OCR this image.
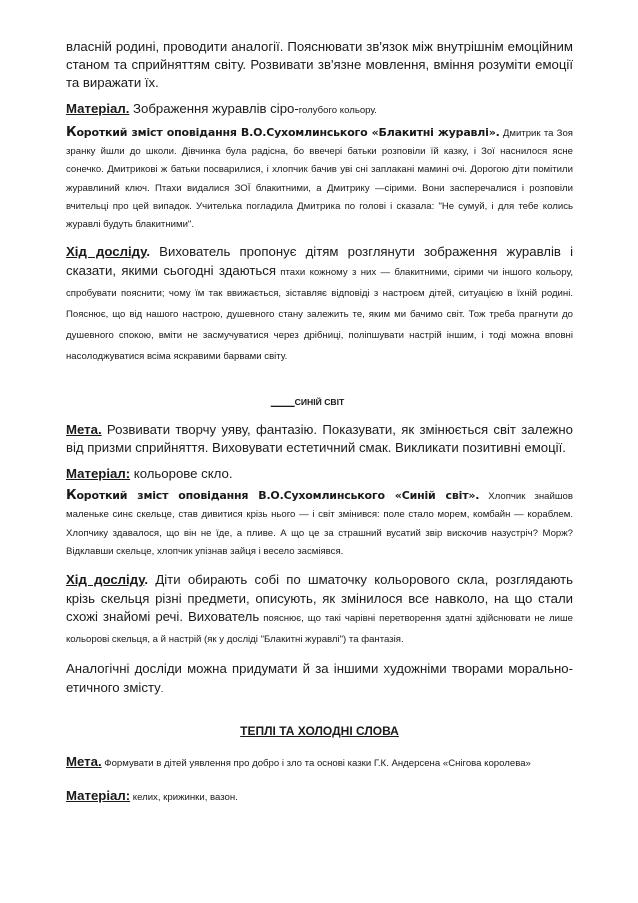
власній родині, проводити аналогії. Пояснювати зв'язок між внутрішнім емоційним станом та сприйняттям світу. Розвивати зв'язне мовлення, вміння розуміти емоції та виражати їх.

Матеріал. Зображення журавлів сіро-голубого кольору.

Короткий зміст оповідання В.О.Сухомлинського «Блакитні журавлі». Дмитрик та Зоя зранку йшли до школи. Дівчинка була радісна, бо ввечері батьки розповіли їй казку, і Зої наснилося ясне сонечко. Дмитрикові ж батьки посварилися, і хлопчик бачив уві сні заплакані мамині очі. Дорогою діти помітили журавлиний ключ. Птахи видалися ЗОЇ блакитними, а Дмитрику —сірими. Вони засперечалися і розповіли вчительці про цей випадок. Учителька погладила Дмитрика по голові і сказала: "Не сумуй, і для тебе колись журавлі будуть блакитними".

Хід досліду. Вихователь пропонує дітям розглянути зображення журавлів і сказати, якими сьогодні здаються птахи кожному з них — блакитними, сірими чи іншого кольору, спробувати пояснити; чому їм так ввижається, зіставляє відповіді з настроєм дітей, ситуацією в їхній родині. Пояснює, що від нашого настрою, душевного стану залежить те, яким ми бачимо світ. Тож треба прагнути до душевного спокою, вміти не засмучуватися через дрібниці, поліпшувати настрій іншим, і тоді можна вповні насолоджуватися всіма яскравими барвами світу.

_____СИНІЙ СВІТ

Мета. Розвивати творчу уяву, фантазію. Показувати, як змінюється світ залежно від призми сприйняття. Виховувати естетичний смак. Викликати позитивні емоції.

Матеріал: кольорове скло.

Короткий зміст оповідання В.О.Сухомлинського «Синій світ». Хлопчик знайшов маленьке синє скельце, став дивитися крізь нього — і світ змінився: поле стало морем, комбайн — кораблем. Хлопчику здавалося, що він не їде, а пливе. А що це за страшний вусатий звір вискочив назустріч? Морж? Відклавши скельце, хлопчик упізнав зайця і весело засміявся.

Хід досліду. Діти обирають собі по шматочку кольорового скла, розглядають крізь скельця різні предмети, описують, як змінилося все навколо, на що стали схожі знайомі речі. Вихователь пояснює, що такі чарівні перетворення здатні здійснювати не лише кольорові скельця, а й настрій (як у досліді "Блакитні журавлі") та фантазія.

Аналогічні досліди можна придумати й за іншими художніми творами морально-етичного змісту.

ТЕПЛІ ТА ХОЛОДНІ СЛОВА

Мета. Формувати в дітей уявлення про добро і зло та основі казки Г.К. Андерсена «Снігова королева»

Матеріал: келих, крижинки, вазон.
